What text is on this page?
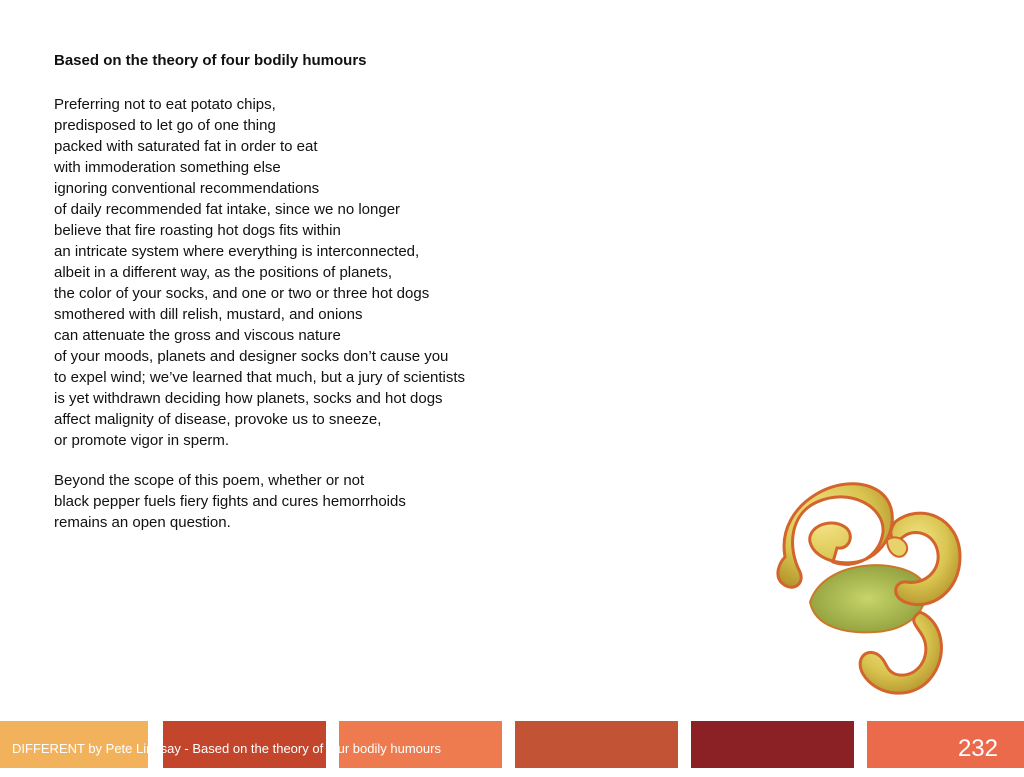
Based on the theory of four bodily humours
Preferring not to eat potato chips,
predisposed to let go of one thing
packed with saturated fat in order to eat
with immoderation something else
ignoring conventional recommendations
of daily recommended fat intake, since we no longer
believe that fire roasting hot dogs fits within
an intricate system where everything is interconnected,
albeit in a different way, as the positions of planets,
the color of your socks, and one or two or three hot dogs
smothered with dill relish, mustard, and onions
can attenuate the gross and viscous nature
of your moods, planets and designer socks don’t cause you
to expel wind; we’ve learned that much, but a jury of scientists
is yet withdrawn deciding how planets, socks and hot dogs
affect malignity of disease, provoke us to sneeze,
or promote vigor in sperm.
Beyond the scope of this poem, whether or not
black pepper fuels fiery fights and cures hemorrhoids
remains an open question.
DIFFERENT by Pete Lindsay - Based on the theory of four bodily humours	232
